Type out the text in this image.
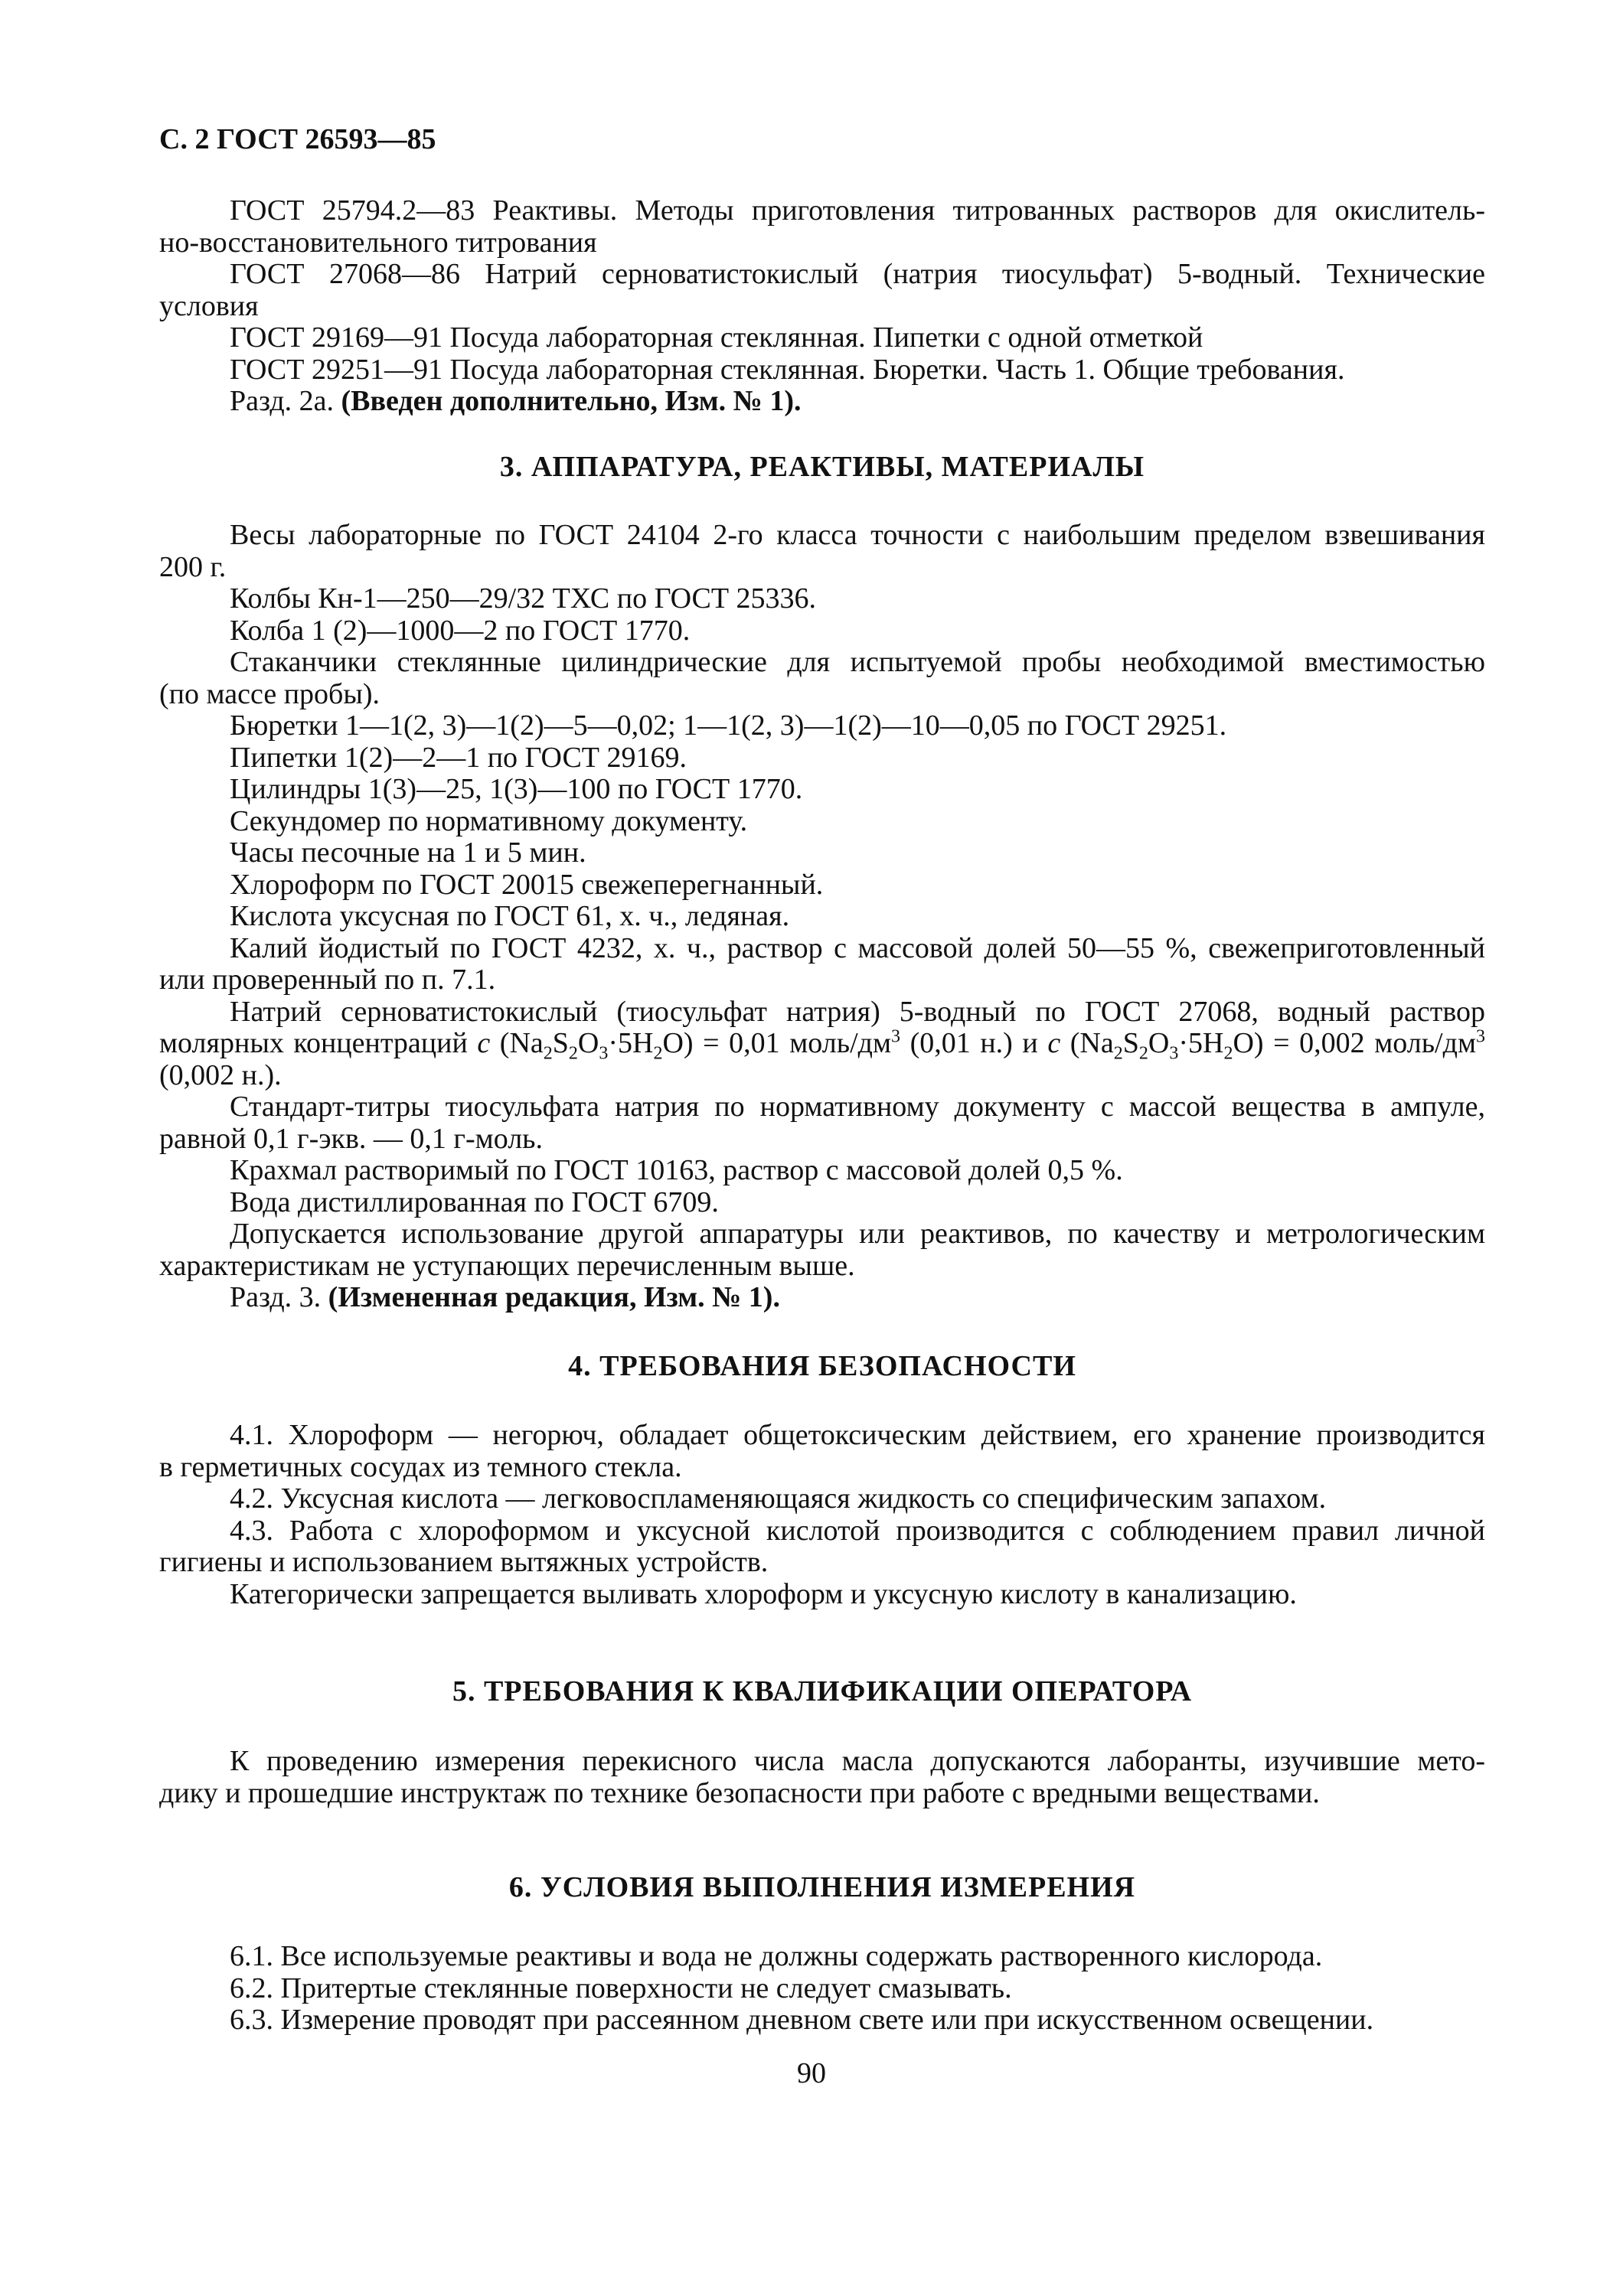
С. 2 ГОСТ 26593—85
ГОСТ 25794.2—83 Реактивы. Методы приготовления титрованных растворов для окислитель-
но-восстановительного титрования
ГОСТ 27068—86 Натрий серноватистокислый (натрия тиосульфат) 5-водный. Технические
условия
ГОСТ 29169—91 Посуда лабораторная стеклянная. Пипетки с одной отметкой
ГОСТ 29251—91 Посуда лабораторная стеклянная. Бюретки. Часть 1. Общие требования.
Разд. 2а. (Введен дополнительно, Изм. № 1).
3. АППАРАТУРА, РЕАКТИВЫ, МАТЕРИАЛЫ
Весы лабораторные по ГОСТ 24104 2-го класса точности с наибольшим пределом взвешивания
200 г.
Колбы Кн-1—250—29/32 ТХС по ГОСТ 25336.
Колба 1 (2)—1000—2 по ГОСТ 1770.
Стаканчики стеклянные цилиндрические для испытуемой пробы необходимой вместимостью
(по массе пробы).
Бюретки 1—1(2, 3)—1(2)—5—0,02; 1—1(2, 3)—1(2)—10—0,05 по ГОСТ 29251.
Пипетки 1(2)—2—1 по ГОСТ 29169.
Цилиндры 1(3)—25, 1(3)—100 по ГОСТ 1770.
Секундомер по нормативному документу.
Часы песочные на 1 и 5 мин.
Хлороформ по ГОСТ 20015 свежеперегнанный.
Кислота уксусная по ГОСТ 61, х. ч., ледяная.
Калий йодистый по ГОСТ 4232, х. ч., раствор с массовой долей 50—55 %, свежеприготовленный
или проверенный по п. 7.1.
Натрий серноватистокислый (тиосульфат натрия) 5-водный по ГОСТ 27068, водный раствор
молярных концентраций c $(Na_2S_2O_3\cdot 5H_2O) = 0,01$ моль/$дм^3$ (0,01 н.) и c $(Na_2S_2O_3\cdot 5H_2O) = 0,002$ моль/$дм^3$
(0,002 н.).
Стандарт-титры тиосульфата натрия по нормативному документу с массой вещества в ампуле,
равной 0,1 г-экв. — 0,1 г-моль.
Крахмал растворимый по ГОСТ 10163, раствор с массовой долей 0,5 %.
Вода дистиллированная по ГОСТ 6709.
Допускается использование другой аппаратуры или реактивов, по качеству и метрологическим
характеристикам не уступающих перечисленным выше.
Разд. 3. (Измененная редакция, Изм. № 1).
4. ТРЕБОВАНИЯ БЕЗОПАСНОСТИ
4.1. Хлороформ — негорюч, обладает общетоксическим действием, его хранение производится
в герметичных сосудах из темного стекла.
4.2. Уксусная кислота — легковоспламеняющаяся жидкость со специфическим запахом.
4.3. Работа с хлороформом и уксусной кислотой производится с соблюдением правил личной
гигиены и использованием вытяжных устройств.
Категорически запрещается выливать хлороформ и уксусную кислоту в канализацию.
5. ТРЕБОВАНИЯ К КВАЛИФИКАЦИИ ОПЕРАТОРА
К проведению измерения перекисного числа масла допускаются лаборанты, изучившие мето-
дику и прошедшие инструктаж по технике безопасности при работе с вредными веществами.
6. УСЛОВИЯ ВЫПОЛНЕНИЯ ИЗМЕРЕНИЯ
6.1. Все используемые реактивы и вода не должны содержать растворенного кислорода.
6.2. Притертые стеклянные поверхности не следует смазывать.
6.3. Измерение проводят при рассеянном дневном свете или при искусственном освещении.
90
